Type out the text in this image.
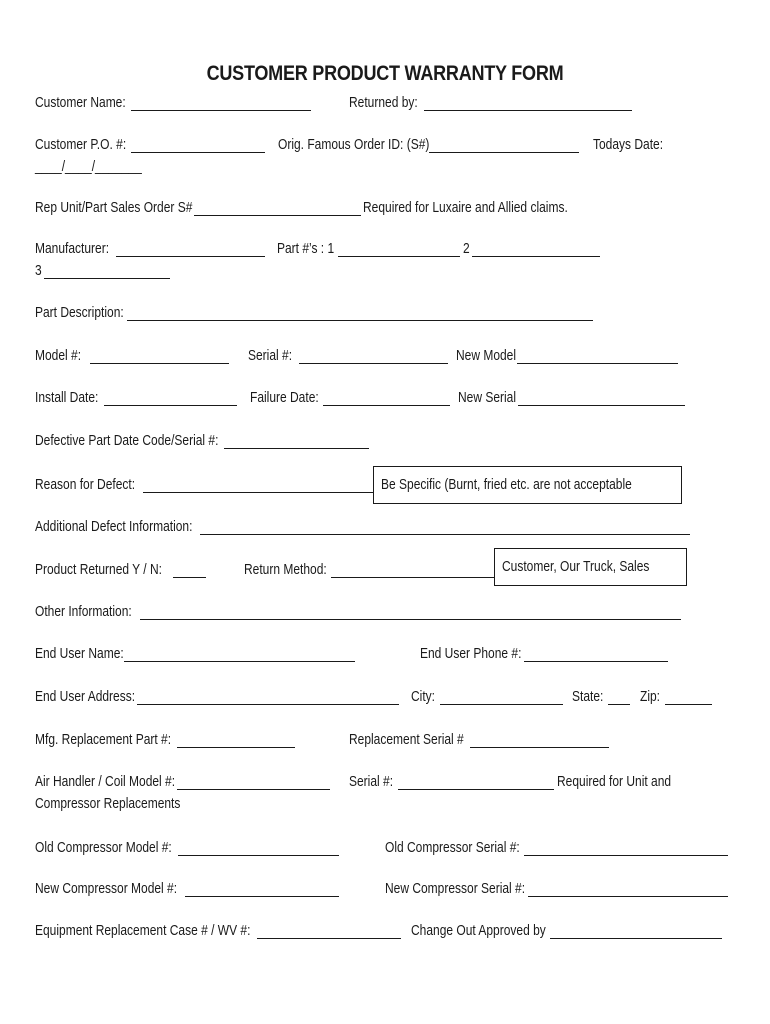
CUSTOMER PRODUCT WARRANTY FORM
Customer Name:	Returned by:
Customer P.O. #:	Orig. Famous Order ID: (S#)	Todays Date:
____/____/_______
Rep Unit/Part Sales Order S#	Required for Luxaire and Allied claims.
Manufacturer:	Part #’s : 1	2
3
Part Description:
Model #:	Serial #:	New Model
Install Date:	Failure Date:	New Serial
Defective Part Date Code/Serial #:
Reason for Defect:	Be Specific (Burnt, fried etc. are not acceptable
Additional Defect Information:
Product Returned Y / N:	Return Method:	Customer, Our Truck, Sales
Other Information:
End User Name:	End User Phone #:
End User Address:	City:	State: Zip:
Mfg. Replacement Part #:	Replacement Serial #
Air Handler / Coil Model #:	Serial #:	Required for Unit and
Compressor Replacements
Old Compressor Model #:	Old Compressor Serial #:
New Compressor Model #:	New Compressor Serial #:
Equipment Replacement Case # / WV #:	Change Out Approved by
